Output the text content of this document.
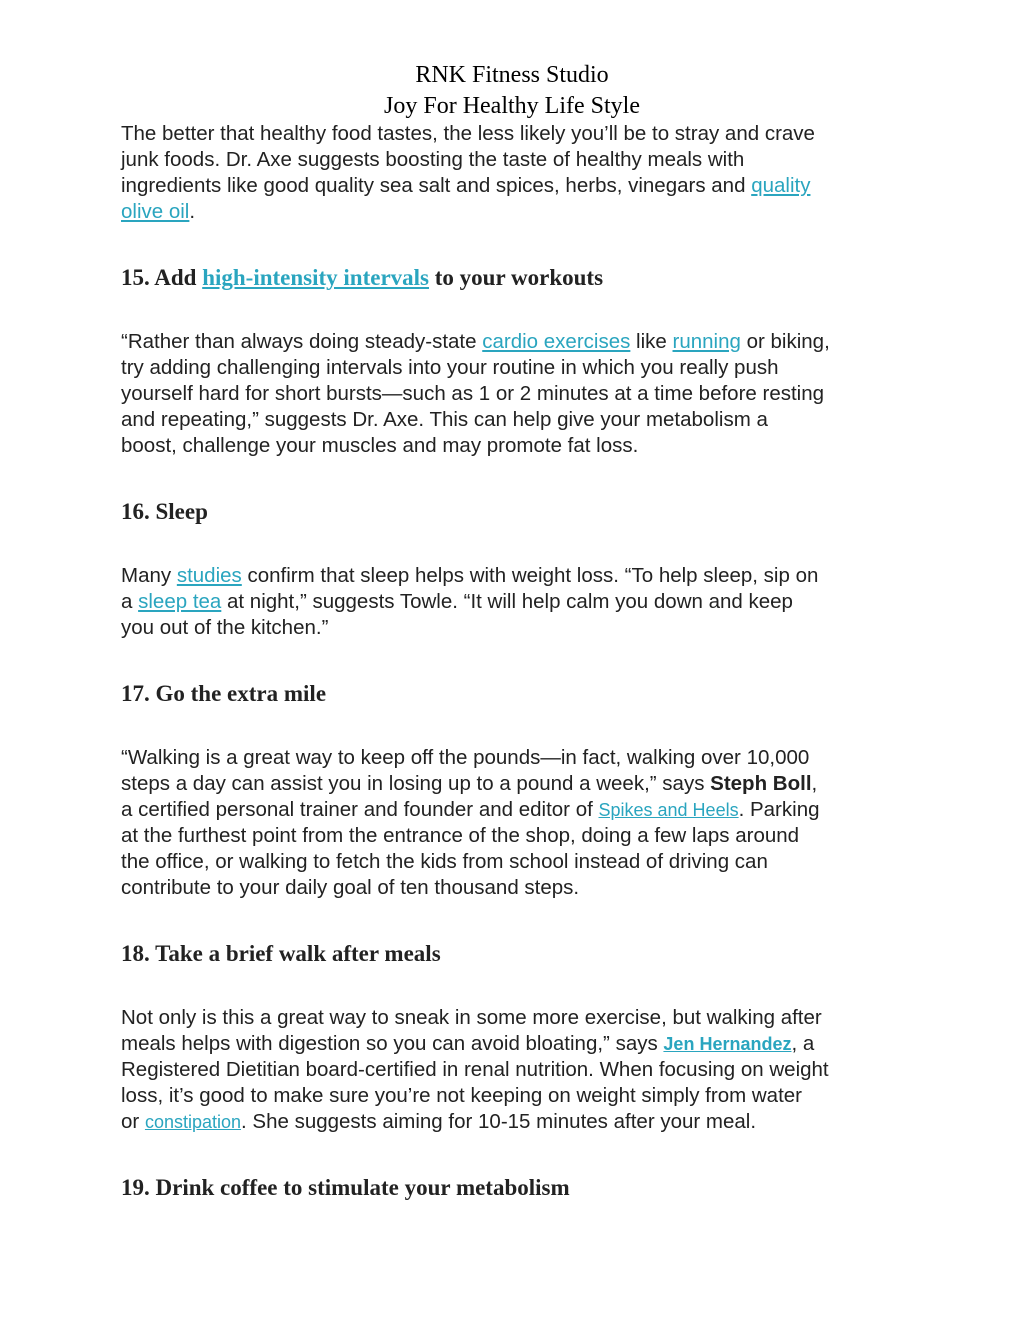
RNK Fitness Studio
Joy For Healthy Life Style
The better that healthy food tastes, the less likely you’ll be to stray and crave
junk foods. Dr. Axe suggests boosting the taste of healthy meals with
ingredients like good quality sea salt and spices, herbs, vinegars and quality
olive oil.
15. Add high-intensity intervals to your workouts
“Rather than always doing steady-state cardio exercises like running or biking,
try adding challenging intervals into your routine in which you really push
yourself hard for short bursts—such as 1 or 2 minutes at a time before resting
and repeating,” suggests Dr. Axe. This can help give your metabolism a
boost, challenge your muscles and may promote fat loss.
16. Sleep
Many studies confirm that sleep helps with weight loss. “To help sleep, sip on
a sleep tea at night,” suggests Towle. “It will help calm you down and keep
you out of the kitchen.”
17. Go the extra mile
“Walking is a great way to keep off the pounds—in fact, walking over 10,000
steps a day can assist you in losing up to a pound a week,” says Steph Boll,
a certified personal trainer and founder and editor of Spikes and Heels. Parking
at the furthest point from the entrance of the shop, doing a few laps around
the office, or walking to fetch the kids from school instead of driving can
contribute to your daily goal of ten thousand steps.
18. Take a brief walk after meals
Not only is this a great way to sneak in some more exercise, but walking after
meals helps with digestion so you can avoid bloating,” says Jen Hernandez, a
Registered Dietitian board-certified in renal nutrition. When focusing on weight
loss, it’s good to make sure you’re not keeping on weight simply from water
or constipation. She suggests aiming for 10-15 minutes after your meal.
19. Drink coffee to stimulate your metabolism
